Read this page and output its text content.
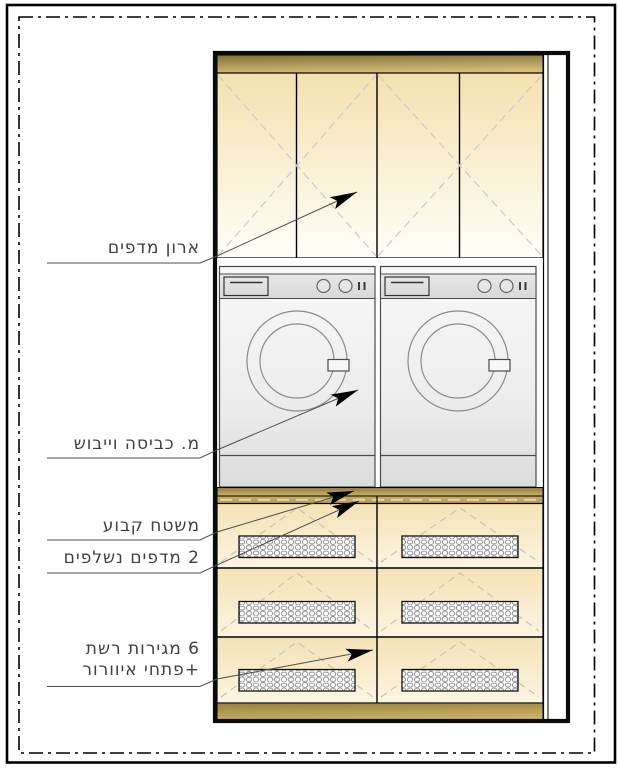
ארון מדפים
מ. כביסה וייבוש
משטח קבוע
2 מדפים נשלפים
6 מגירות רשת
+פתחי איוורור
